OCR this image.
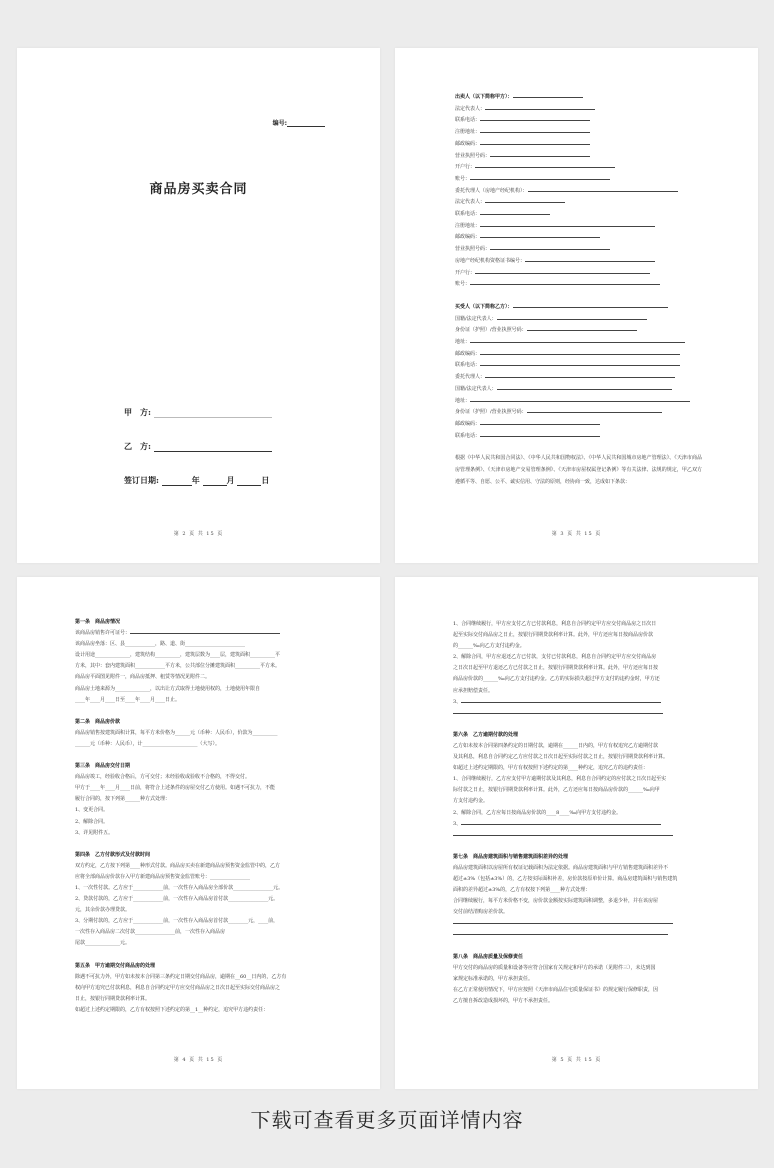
编号:
商品房买卖合同
甲　方:
乙　方:
签订日期:	年	月	日
第 2 页 共 15 页
出卖人（以下简称甲方）：
法定代表人：
联系电话：
注册地址：
邮政编码：
营业执照号码：
开户行：
账号：
委托代理人（房地产经纪机构）：
法定代表人：
联系电话：
注册地址：
邮政编码：
营业执照号码：
房地产经纪机构资格证书编号：
开户行：
账号：
买受人（以下简称乙方）：
国籍/法定代表人：
身份证（护照）/营业执照号码：
地址：
邮政编码：
联系电话：
委托代理人：
国籍/法定代表人：
地址：
身份证（护照）/营业执照号码：
邮政编码：
联系电话：
根据《中华人民共和国合同法》、《中华人民共和国物权法》、《中华人民共和国城市房地产管理法》、《天津市商品房管理条例》、《天津市房地产交易管理条例》、《天津市房屋权属登记条例》等有关法律、法规的规定，甲乙双方遵循平等、自愿、公平、诚实信用、守法的原则，经协商一致，达成如下条款：
第 3 页 共 15 页
第一条　商品房情况
该商品房销售许可证号：
该商品房坐落：区、县____________，路、道、街________________________
设计用途______________，建筑结构__________，建筑层数为____层，建筑面积__________平
方米，其中：套内建筑面积____________平方米，公共部位分摊建筑面积__________平方米。
商品房平面图见附件一，商品房抵押、租赁等情况见附件二。
商品房土地来源为______________，以出让方式取得土地使用权的，土地使用年限自
____年____月____日至____年____月____日止。
第二条　商品房价款
商品房销售按建筑面积计算，每平方米价格为______元（币种：人民币），价款为__________
______元（币种：人民币），计______________________（大写）。
第三条　商品房交付日期
商品房竣工，经验收合格后，方可交付；未经验收或验收不合格的，不得交付。
甲方于____年____月____日前，将符合上述条件的房屋交付乙方使用。如遇不可抗力，不能
履行合同的，按下列第______种方式处理：
1、变更合同。
2、解除合同。
3、详见附件五。
第四条　乙方付款形式及付款时间
双方约定，乙方按下列第____种形式付款。商品房买卖在新建商品房预售资金监管中的，乙方
应将全部商品房价款存入甲方新建商品房预售资金监管账号：________________
1、一次性付款。乙方应于____________前，一次性存入商品房全部价款________________元。
2、贷款付款的，乙方应于____________前，一次性存入商品房首付款________________元。
元，其余价款办理贷款。
3、分期付款的，乙方应于____________前，一次性存入商品房首付款________元，____前，
一次性存入商品房二次付款________________前，一次性存入商品房
尾款______________元。
第五条　甲方逾期交付商品房的处理
除遇不可抗力外，甲方如未按本合同第三条约定日期交付商品房，逾期在__60__日内的，乙方有
权向甲方追究已付款利息，利息自合同约定甲方应交付商品房之日次日起至实际交付商品房之
日止，按银行同期贷款利率计算。
如超过上述约定期限的，乙方有权按照下述约定的第__1__种约定，追究甲方违约责任：
第 4 页 共 15 页
1、合同继续履行，甲方应支付乙方已付款利息，利息自合同约定甲方应交付商品房之日次日
起至实际交付商品房之日止，按银行同期贷款利率计算。此外，甲方还应每日按商品房价款
的______‰向乙方支付违约金。
2、解除合同，甲方应退还乙方已付款，支付已付款利息，利息自合同约定甲方应交付商品房
之日次日起至甲方退还乙方已付款之日止，按银行同期贷款利率计算。此外，甲方还应每日按
商品房价款的______‰向乙方支付违约金。乙方的实际损失超过甲方支付的违约金时，甲方还
应承担赔偿责任。
3、
第六条　乙方逾期付款的处理
乙方如未按本合同第四条约定的日期付款，逾期在______日内的，甲方有权追究乙方逾期付款
及其利息，利息自合同约定乙方应付款之日次日起至实际付款之日止，按银行同期贷款利率计算。
如超过上述约定期限的，甲方有权按照下述约定的第____种约定，追究乙方的违约责任：
1、合同继续履行，乙方应支付甲方逾期付款及其利息，利息自合同约定的应付款之日次日起至实
际付款之日止，按银行同期贷款利率计算。此外，乙方还应每日按商品房价款的______‰向甲
方支付违约金。
2、解除合同，乙方应每日按商品房价款的____8____‰向甲方支付违约金。
3、
第七条　商品房建筑面积与销售建筑面积差异的处理
商品房建筑面积以房屋所有权证记载面积为法定依据。商品房建筑面积与甲方销售建筑面积差异不
超过±3%（包括±3%）的，乙方按实际面积补差，房价款按原单价计算。商品房建筑面积与销售建筑
面积的差异超过±3%的，乙方有权按下列第____种方式处理：
合同继续履行，每平方米价格不变，房价款金额按实际建筑面积调整，多退少补，并在该房屋
交付前结清购房差价款。
第八条　商品房质量及保修责任
甲方交付的商品房的质量和设备等应符合国家有关规定和甲方的承诺（见附件三），未达到国
家规定标准承诺的，甲方承担责任。
在乙方正常使用情况下，甲方应按照《天津市商品住宅质量保证书》的规定履行保修职责，因
乙方擅自拆改造成损坏的，甲方不承担责任。
第 5 页 共 15 页
下载可查看更多页面详情内容
